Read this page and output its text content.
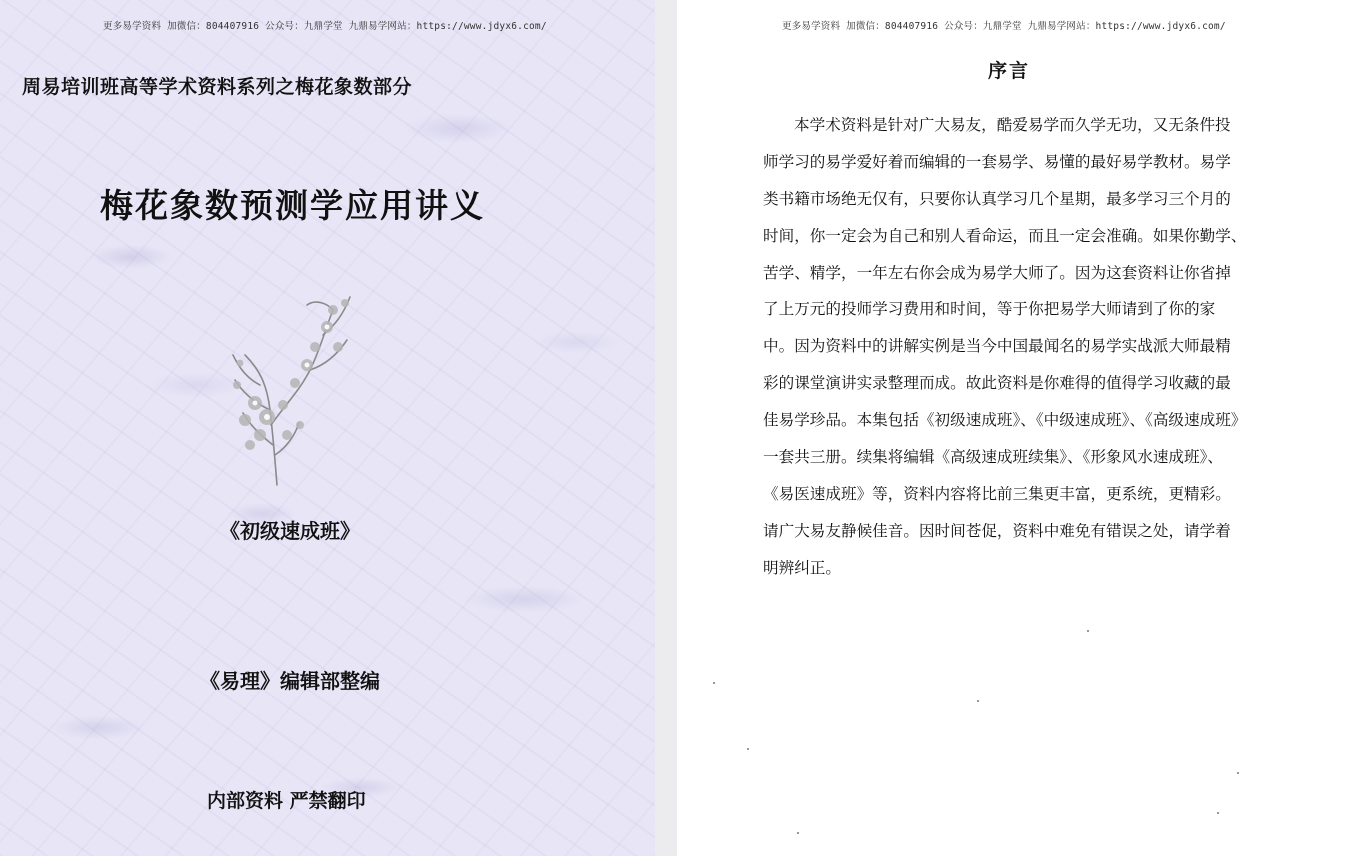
更多易学资料 加微信：804407916 公众号：九鼎学堂 九鼎易学网站：https://www.jdyx6.com/
周易培训班高等学术资料系列之梅花象数部分
梅花象数预测学应用讲义
《初级速成班》
《易理》编辑部整编
内部资料 严禁翻印
更多易学资料 加微信：804407916 公众号：九鼎学堂 九鼎易学网站：https://www.jdyx6.com/
序言
本学术资料是针对广大易友，酷爱易学而久学无功，又无条件投
师学习的易学爱好着而编辑的一套易学、易懂的最好易学教材。易学
类书籍市场绝无仅有，只要你认真学习几个星期，最多学习三个月的
时间，你一定会为自己和别人看命运，而且一定会准确。如果你勤学、
苦学、精学，一年左右你会成为易学大师了。因为这套资料让你省掉
了上万元的投师学习费用和时间，等于你把易学大师请到了你的家
中。因为资料中的讲解实例是当今中国最闻名的易学实战派大师最精
彩的课堂演讲实录整理而成。故此资料是你难得的值得学习收藏的最
佳易学珍品。本集包括《初级速成班》、《中级速成班》、《高级速成班》
一套共三册。续集将编辑《高级速成班续集》、《形象风水速成班》、
《易医速成班》等，资料内容将比前三集更丰富，更系统，更精彩。
请广大易友静候佳音。因时间苍促，资料中难免有错误之处，请学着
明辨纠正。
